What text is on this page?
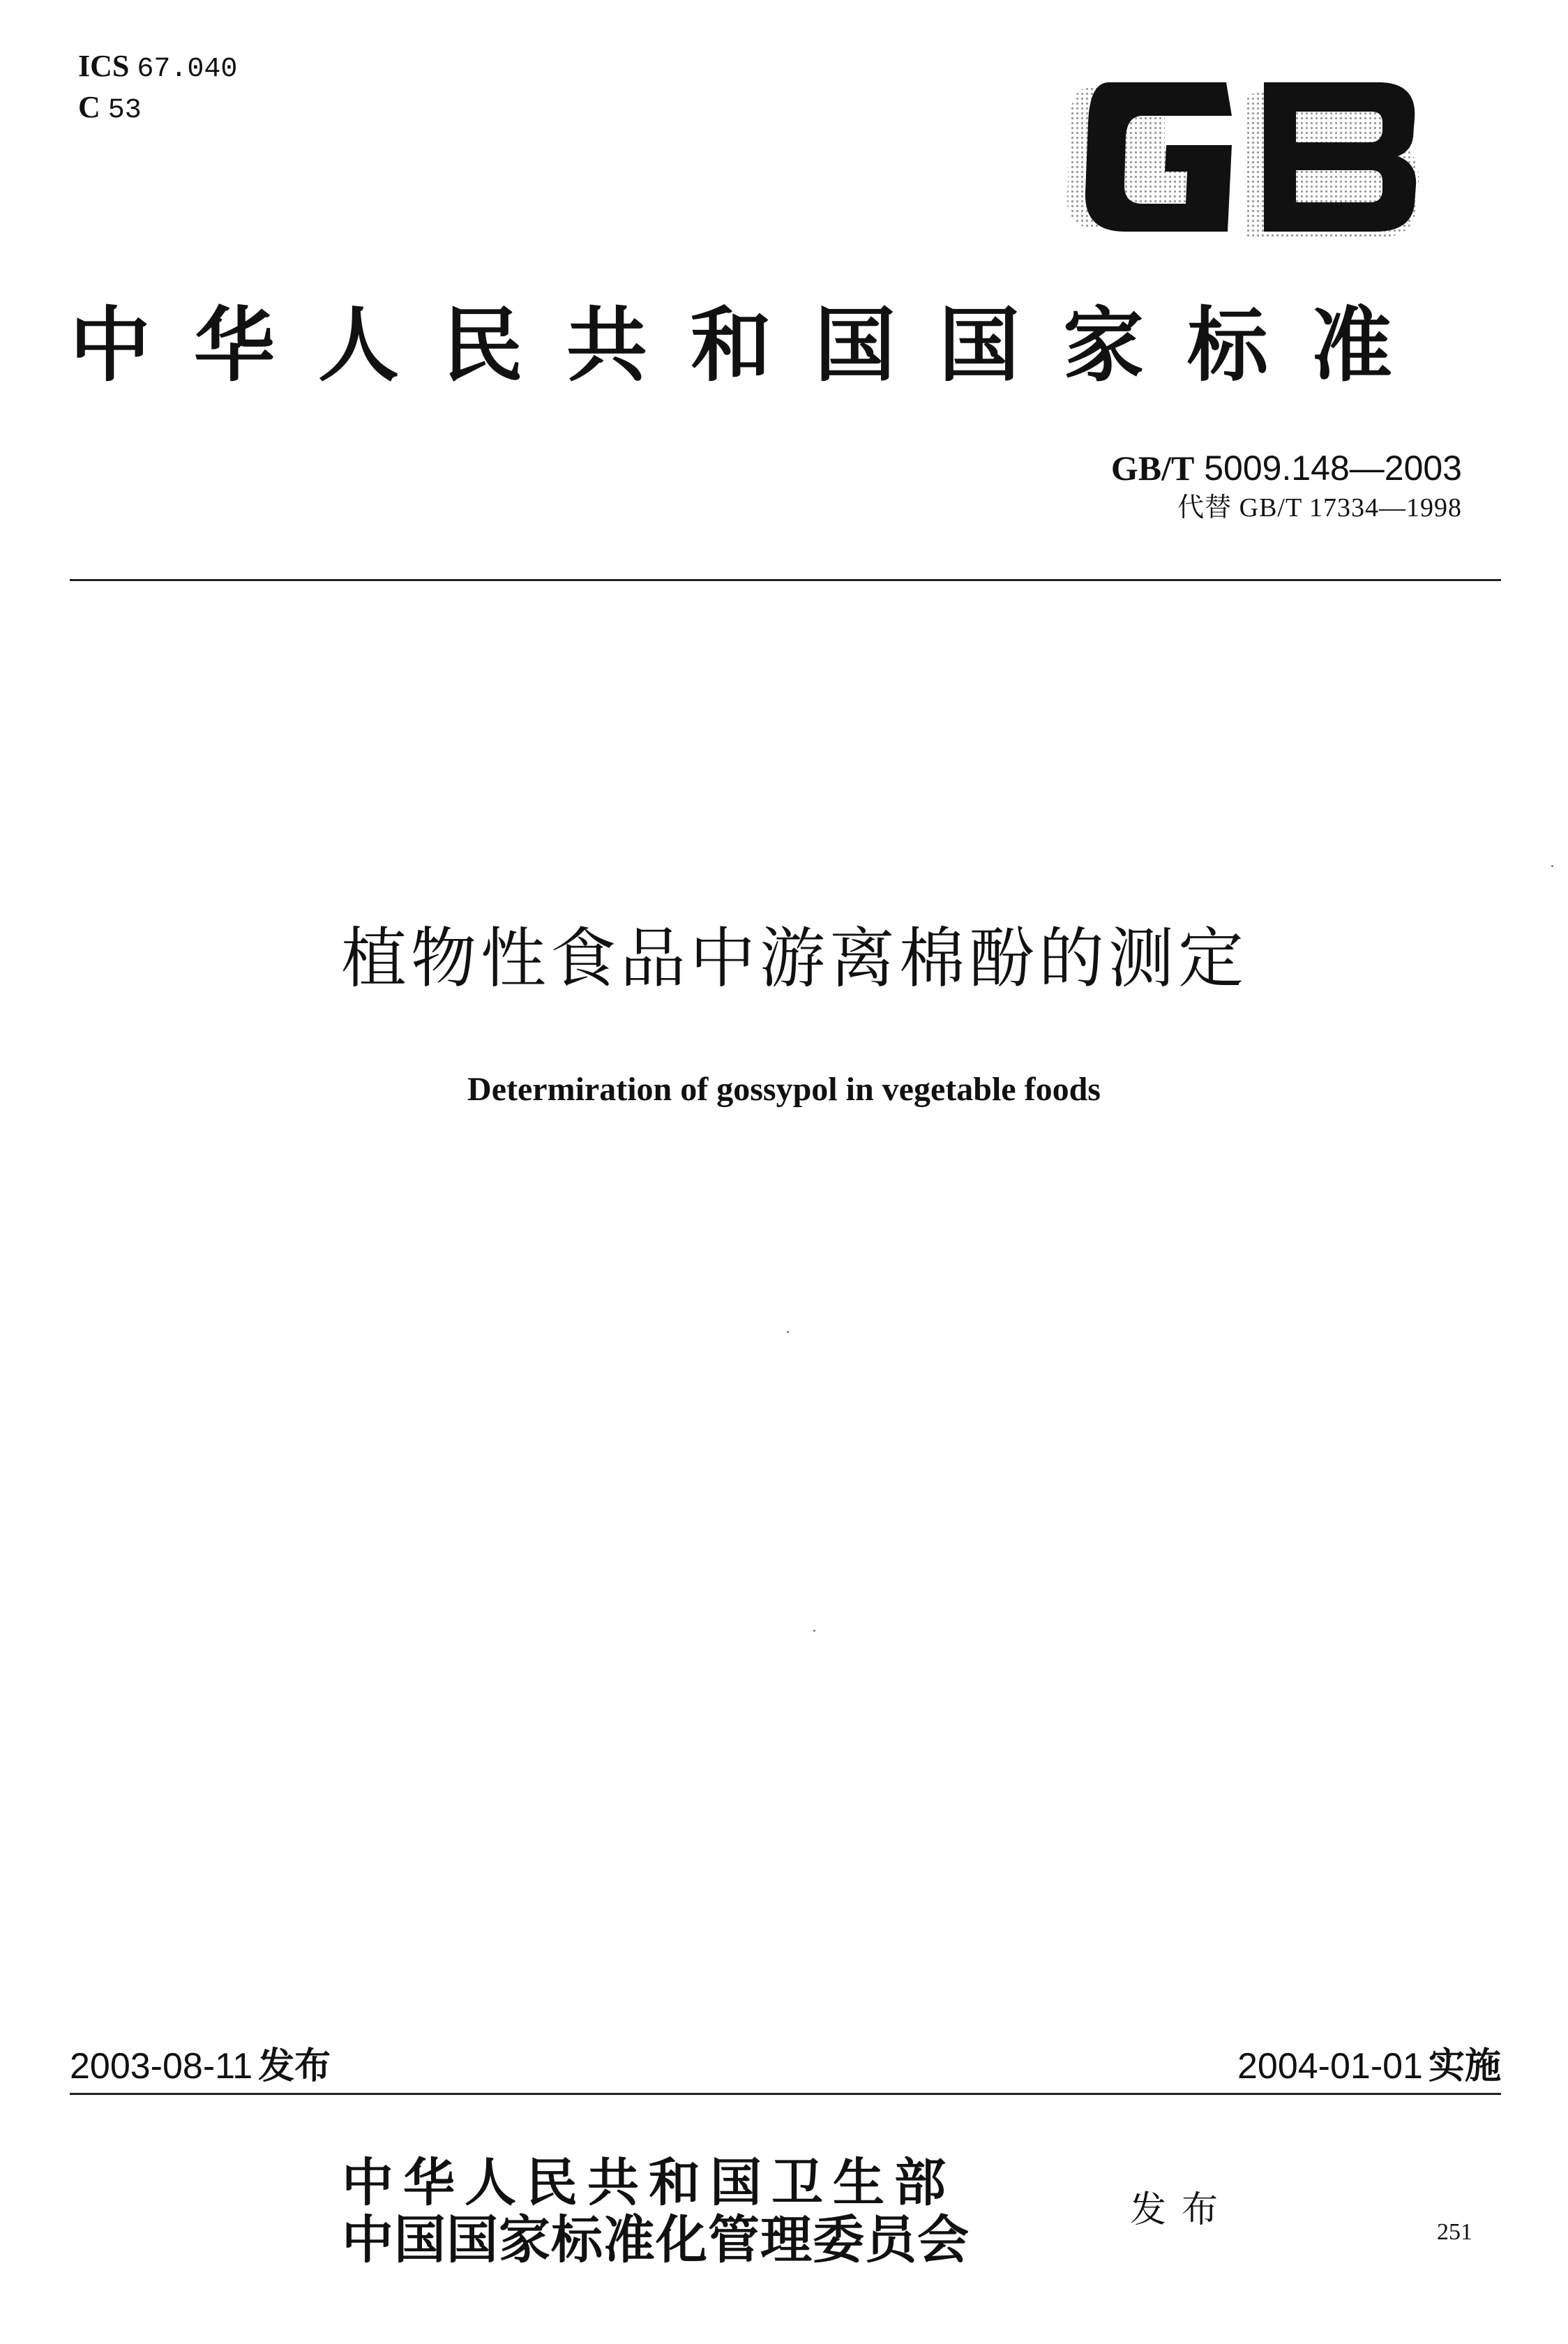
ICS 67.040
C 53
中华人民共和国国家标准
GB/T 5009.148—2003
代替 GB/T 17334—1998
植物性食品中游离棉酚的测定
Determiration of gossypol in vegetable foods
2003-08-11 发布	2004-01-01 实施
中华人民共和国卫生部
中国国家标准化管理委员会	发布
251
